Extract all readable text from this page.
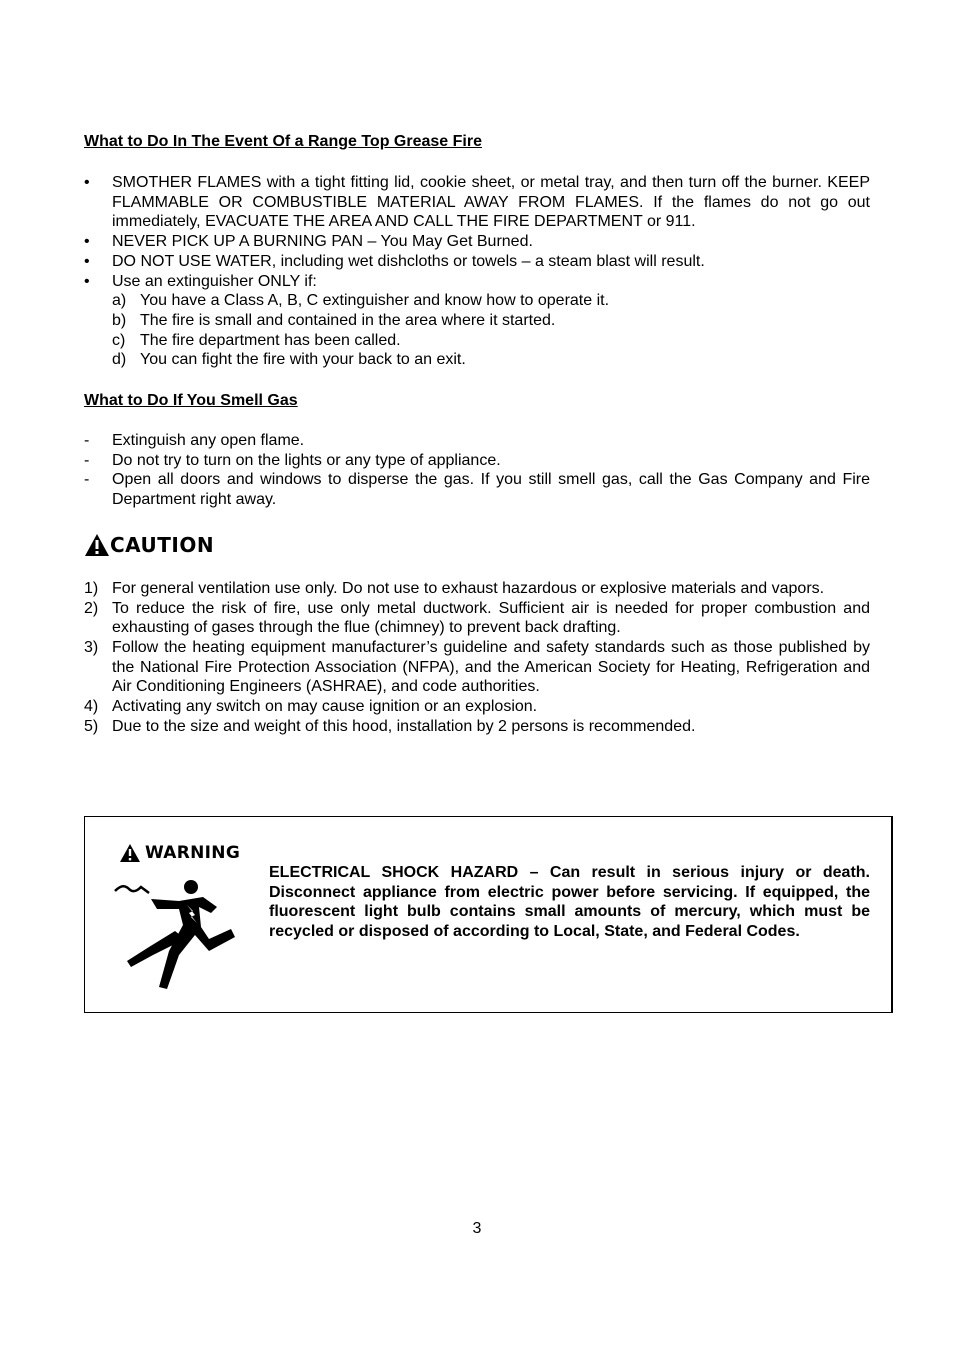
What to Do In The Event Of a Range Top Grease Fire
•	SMOTHER FLAMES with a tight fitting lid, cookie sheet, or metal tray, and then turn off the burner. KEEP FLAMMABLE OR COMBUSTIBLE MATERIAL AWAY FROM FLAMES. If the flames do not go out immediately, EVACUATE THE AREA AND CALL THE FIRE DEPARTMENT or 911.
•	NEVER PICK UP A BURNING PAN – You May Get Burned.
•	DO NOT USE WATER, including wet dishcloths or towels – a steam blast will result.
•	Use an extinguisher ONLY if:
a) You have a Class A, B, C extinguisher and know how to operate it.
b) The fire is small and contained in the area where it started.
c) The fire department has been called.
d) You can fight the fire with your back to an exit.
What to Do If You Smell Gas
-	Extinguish any open flame.
-	Do not try to turn on the lights or any type of appliance.
-	Open all doors and windows to disperse the gas. If you still smell gas, call the Gas Company and Fire Department right away.
CAUTION
1) For general ventilation use only. Do not use to exhaust hazardous or explosive materials and vapors.
2) To reduce the risk of fire, use only metal ductwork. Sufficient air is needed for proper combustion and exhausting of gases through the flue (chimney) to prevent back drafting.
3) Follow the heating equipment manufacturer’s guideline and safety standards such as those published by the National Fire Protection Association (NFPA), and the American Society for Heating, Refrigeration and Air Conditioning Engineers (ASHRAE), and code authorities.
4) Activating any switch on may cause ignition or an explosion.
5) Due to the size and weight of this hood, installation by 2 persons is recommended.
WARNING
ELECTRICAL SHOCK HAZARD – Can result in serious injury or death. Disconnect appliance from electric power before servicing. If equipped, the fluorescent light bulb contains small amounts of mercury, which must be recycled or disposed of according to Local, State, and Federal Codes.
3
